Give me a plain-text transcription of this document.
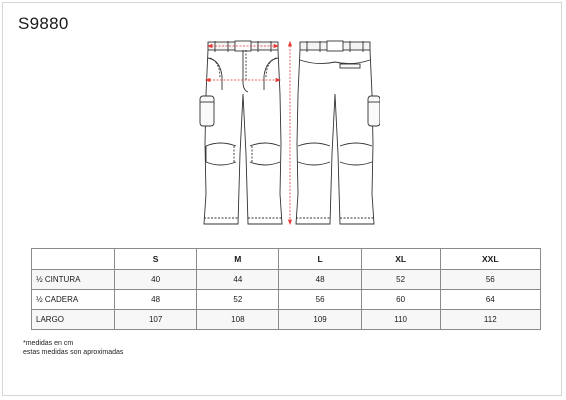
S9880
	S	M	L	XL	XXL
½ CINTURA	40	44	48	52	56
½ CADERA	48	52	56	60	64
LARGO	107	108	109	110	112
*medidas en cm
estas medidas son aproximadas
